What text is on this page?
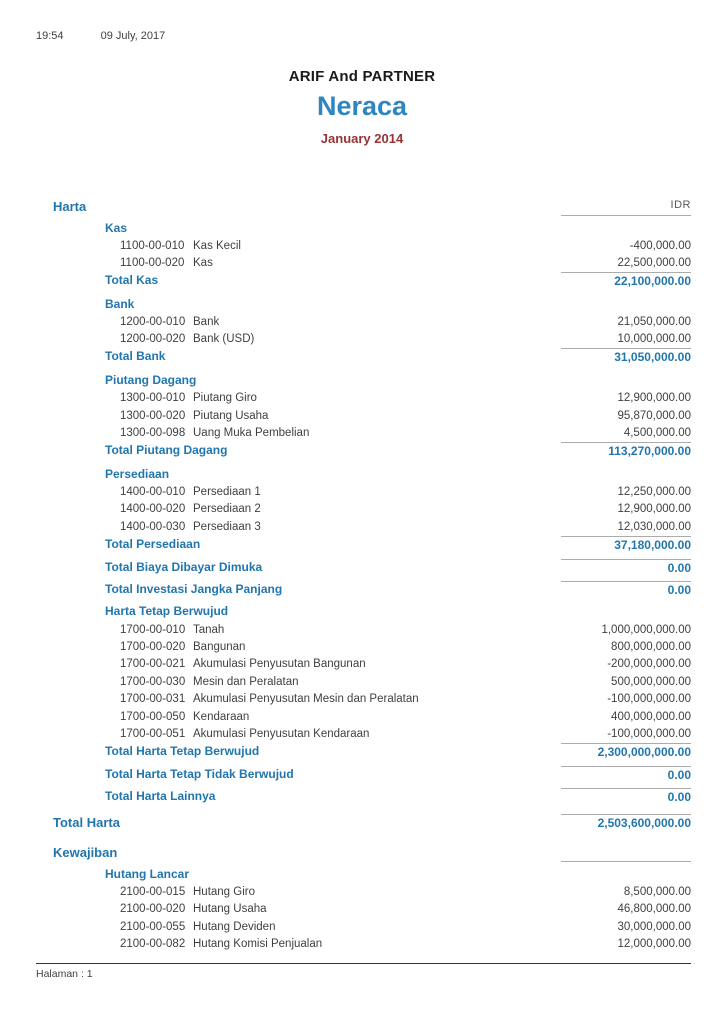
19:54	09 July, 2017
ARIF And PARTNER
Neraca
January 2014
Harta	IDR
Kas
1100-00-010 Kas Kecil	-400,000.00
1100-00-020 Kas	22,500,000.00
Total Kas	22,100,000.00
Bank
1200-00-010 Bank	21,050,000.00
1200-00-020 Bank (USD)	10,000,000.00
Total Bank	31,050,000.00
Piutang Dagang
1300-00-010 Piutang Giro	12,900,000.00
1300-00-020 Piutang Usaha	95,870,000.00
1300-00-098 Uang Muka Pembelian	4,500,000.00
Total Piutang Dagang	113,270,000.00
Persediaan
1400-00-010 Persediaan 1	12,250,000.00
1400-00-020 Persediaan 2	12,900,000.00
1400-00-030 Persediaan 3	12,030,000.00
Total Persediaan	37,180,000.00
Total Biaya Dibayar Dimuka	0.00
Total Investasi Jangka Panjang	0.00
Harta Tetap Berwujud
1700-00-010 Tanah	1,000,000,000.00
1700-00-020 Bangunan	800,000,000.00
1700-00-021 Akumulasi Penyusutan Bangunan	-200,000,000.00
1700-00-030 Mesin dan Peralatan	500,000,000.00
1700-00-031 Akumulasi Penyusutan Mesin dan Peralatan	-100,000,000.00
1700-00-050 Kendaraan	400,000,000.00
1700-00-051 Akumulasi Penyusutan Kendaraan	-100,000,000.00
Total Harta Tetap Berwujud	2,300,000,000.00
Total Harta Tetap Tidak Berwujud	0.00
Total Harta Lainnya	0.00
Total Harta	2,503,600,000.00
Kewajiban
Hutang Lancar
2100-00-015 Hutang Giro	8,500,000.00
2100-00-020 Hutang Usaha	46,800,000.00
2100-00-055 Hutang Deviden	30,000,000.00
2100-00-082 Hutang Komisi Penjualan	12,000,000.00
Halaman : 1
